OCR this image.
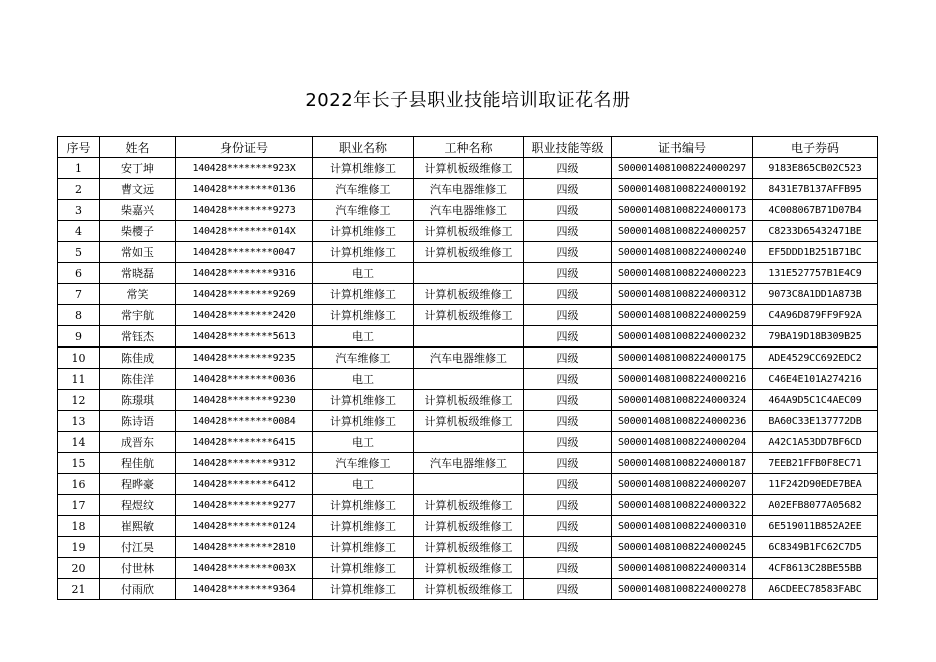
2022年长子县职业技能培训取证花名册
序号	姓名	身份证号	职业名称	工种名称	职业技能等级	证书编号	电子券码
1	安丁坤	140428********923X	计算机维修工	计算机板级维修工	四级	S000014081008224000297	9183E865CB02C523
2	曹文远	140428********0136	汽车维修工	汽车电器维修工	四级	S000014081008224000192	8431E7B137AFFB95
3	柴嘉兴	140428********9273	汽车维修工	汽车电器维修工	四级	S000014081008224000173	4C008067B71D07B4
4	柴樱子	140428********014X	计算机维修工	计算机板级维修工	四级	S000014081008224000257	C8233D65432471BE
5	常如玉	140428********0047	计算机维修工	计算机板级维修工	四级	S000014081008224000240	EF5DDD1B251B71BC
6	常晓磊	140428********9316	电工		四级	S000014081008224000223	131E527757B1E4C9
7	常笑	140428********9269	计算机维修工	计算机板级维修工	四级	S000014081008224000312	9073C8A1DD1A873B
8	常宇航	140428********2420	计算机维修工	计算机板级维修工	四级	S000014081008224000259	C4A96D879FF9F92A
9	常钰杰	140428********5613	电工		四级	S000014081008224000232	79BA19D18B309B25
10	陈佳成	140428********9235	汽车维修工	汽车电器维修工	四级	S000014081008224000175	ADE4529CC692EDC2
11	陈佳洋	140428********0036	电工		四级	S000014081008224000216	C46E4E101A274216
12	陈璟琪	140428********9230	计算机维修工	计算机板级维修工	四级	S000014081008224000324	464A9D5C1C4AEC09
13	陈诗语	140428********0084	计算机维修工	计算机板级维修工	四级	S000014081008224000236	BA60C33E137772DB
14	成晋东	140428********6415	电工		四级	S000014081008224000204	A42C1A53DD7BF6CD
15	程佳航	140428********9312	汽车维修工	汽车电器维修工	四级	S000014081008224000187	7EEB21FFB0F8EC71
16	程晔豪	140428********6412	电工		四级	S000014081008224000207	11F242D90EDE7BEA
17	程煜纹	140428********9277	计算机维修工	计算机板级维修工	四级	S000014081008224000322	A02EFB8077A05682
18	崔熙敏	140428********0124	计算机维修工	计算机板级维修工	四级	S000014081008224000310	6E519011B852A2EE
19	付江昊	140428********2810	计算机维修工	计算机板级维修工	四级	S000014081008224000245	6C8349B1FC62C7D5
20	付世林	140428********003X	计算机维修工	计算机板级维修工	四级	S000014081008224000314	4CF8613C28BE55BB
21	付雨欣	140428********9364	计算机维修工	计算机板级维修工	四级	S000014081008224000278	A6CDEEC78583FABC
